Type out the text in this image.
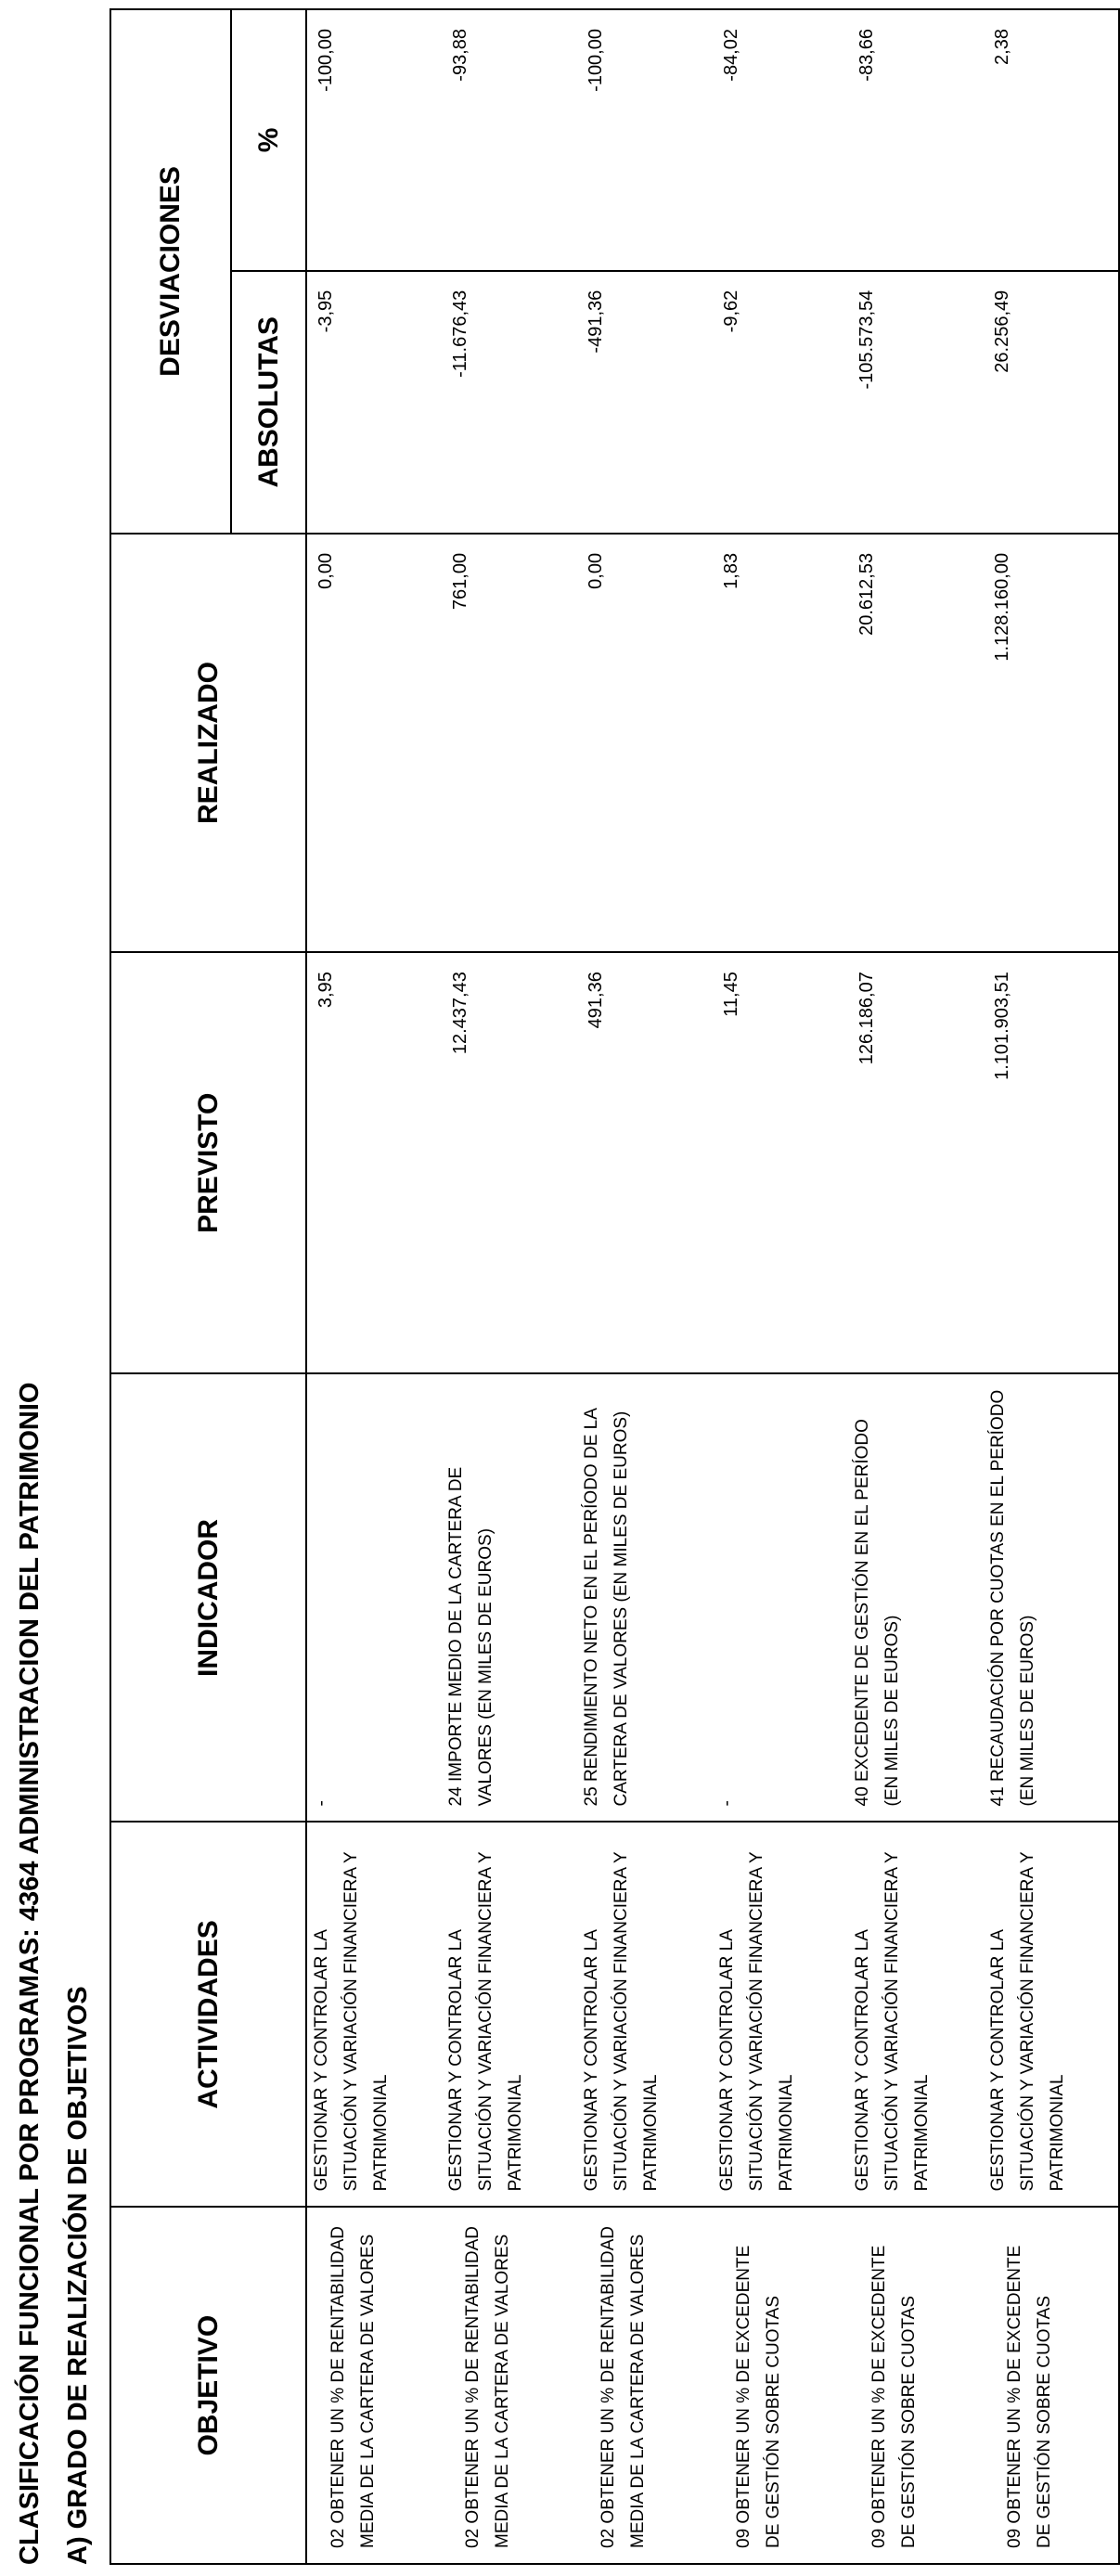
CLASIFICACIÓN FUNCIONAL POR PROGRAMAS: 4364 ADMINISTRACION DEL PATRIMONIO A) GRADO DE REALIZACIÓN DE OBJETIVOS	OBJETIVO	ACTIVIDADES	INDICADOR	PREVISTO	REALIZADO	DESVIACIONES	
					ABSOLUTAS	%
02 OBTENER UN % DE RENTABILIDAD MEDIA DE LA CARTERA DE VALORES	GESTIONAR Y CONTROLAR LA SITUACIÓN Y VARIACIÓN FINANCIERA Y PATRIMONIAL	-	3,95	0,00	-3,95	-100,00
02 OBTENER UN % DE RENTABILIDAD MEDIA DE LA CARTERA DE VALORES	GESTIONAR Y CONTROLAR LA SITUACIÓN Y VARIACIÓN FINANCIERA Y PATRIMONIAL	24 IMPORTE MEDIO DE LA CARTERA DE VALORES (EN MILES DE EUROS)	12.437,43	761,00	-11.676,43	-93,88
02 OBTENER UN % DE RENTABILIDAD MEDIA DE LA CARTERA DE VALORES	GESTIONAR Y CONTROLAR LA SITUACIÓN Y VARIACIÓN FINANCIERA Y PATRIMONIAL	25 RENDIMIENTO NETO EN EL PERÍODO DE LA CARTERA DE VALORES (EN MILES DE EUROS)	491,36	0,00	-491,36	-100,00
09 OBTENER UN % DE EXCEDENTE DE GESTIÓN SOBRE CUOTAS	GESTIONAR Y CONTROLAR LA SITUACIÓN Y VARIACIÓN FINANCIERA Y PATRIMONIAL	-	11,45	1,83	-9,62	-84,02
09 OBTENER UN % DE EXCEDENTE DE GESTIÓN SOBRE CUOTAS	GESTIONAR Y CONTROLAR LA SITUACIÓN Y VARIACIÓN FINANCIERA Y PATRIMONIAL	40 EXCEDENTE DE GESTIÓN EN EL PERÍODO (EN MILES DE EUROS)	126.186,07	20.612,53	-105.573,54	-83,66
09 OBTENER UN % DE EXCEDENTE DE GESTIÓN SOBRE CUOTAS	GESTIONAR Y CONTROLAR LA SITUACIÓN Y VARIACIÓN FINANCIERA Y PATRIMONIAL	41 RECAUDACIÓN POR CUOTAS EN EL PERÍODO (EN MILES DE EUROS)	1.101.903,51	1.128.160,00	26.256,49	2,38
